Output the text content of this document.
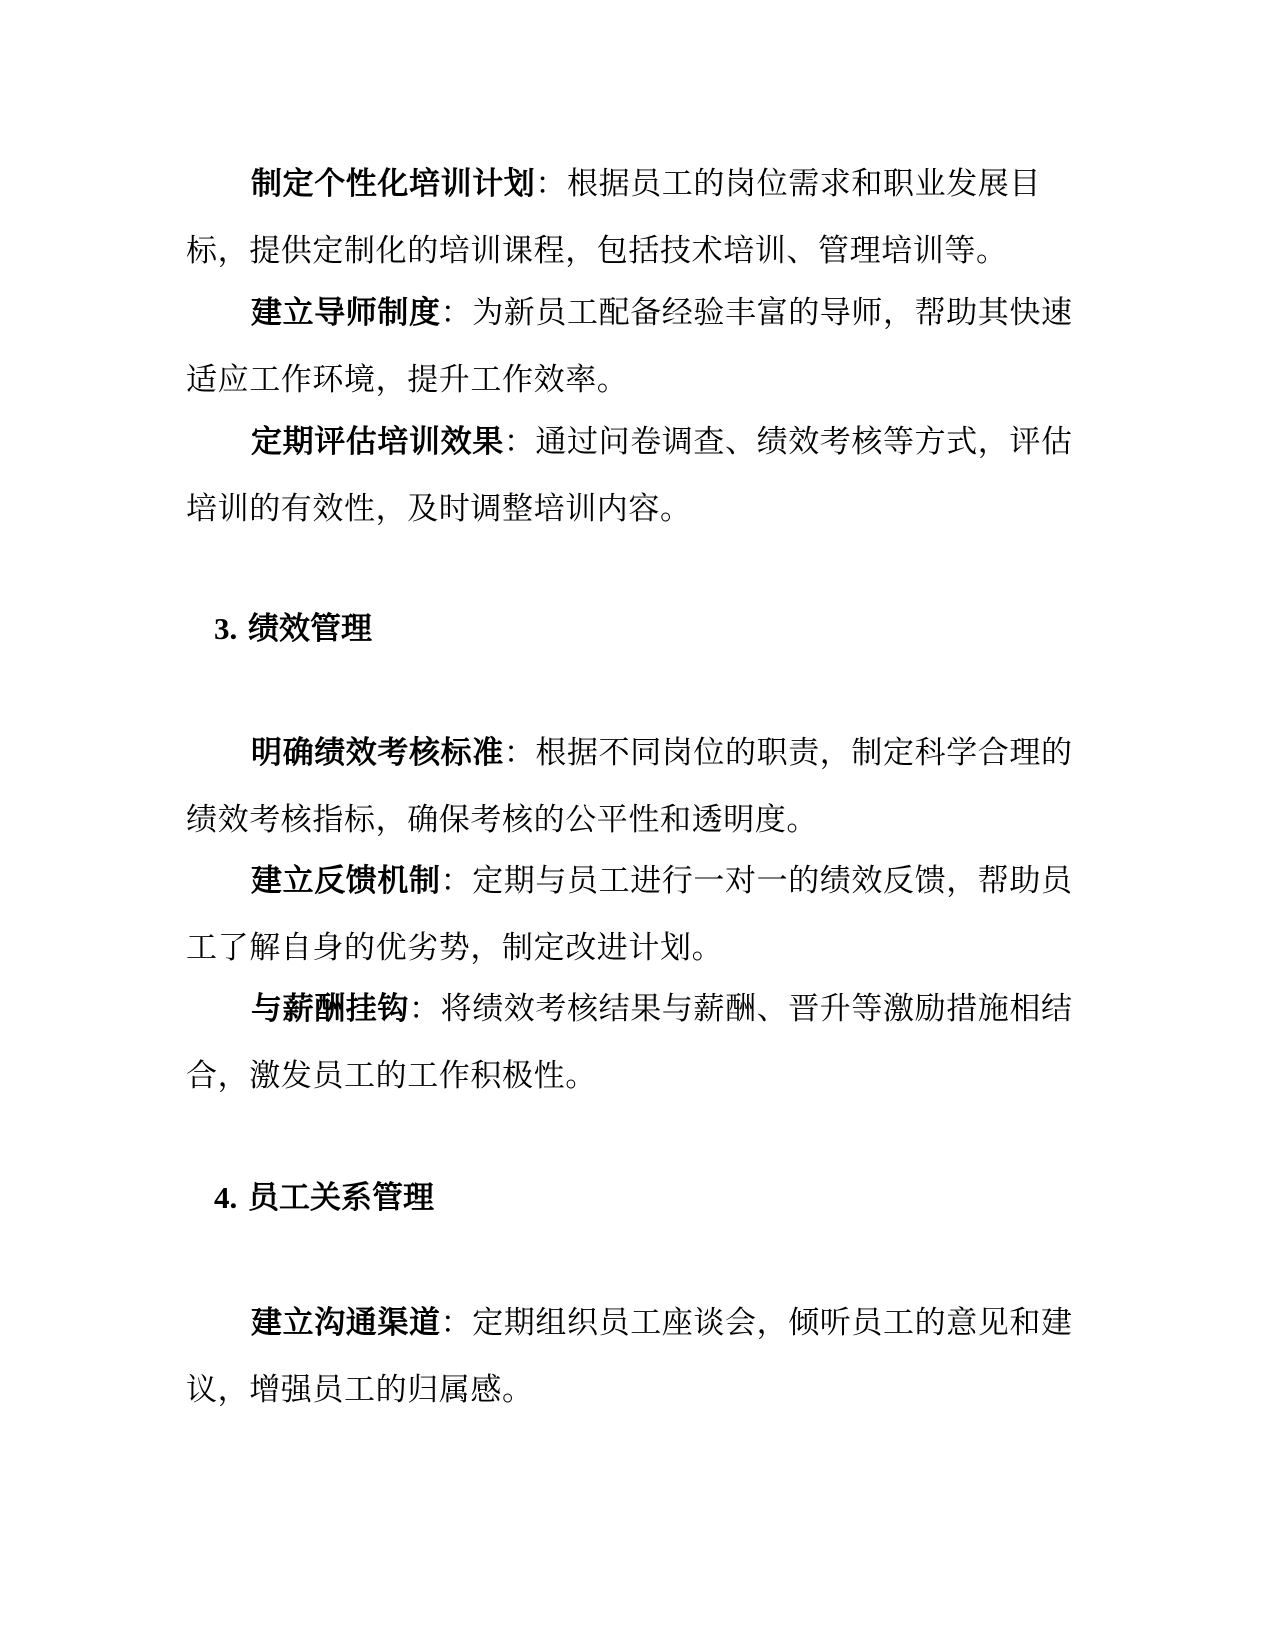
制定个性化培训计划：根据员工的岗位需求和职业发展目标，提供定制化的培训课程，包括技术培训、管理培训等。

建立导师制度：为新员工配备经验丰富的导师，帮助其快速适应工作环境，提升工作效率。

定期评估培训效果：通过问卷调查、绩效考核等方式，评估培训的有效性，及时调整培训内容。

3. 绩效管理

明确绩效考核标准：根据不同岗位的职责，制定科学合理的绩效考核指标，确保考核的公平性和透明度。

建立反馈机制：定期与员工进行一对一的绩效反馈，帮助员工了解自身的优劣势，制定改进计划。

与薪酬挂钩：将绩效考核结果与薪酬、晋升等激励措施相结合，激发员工的工作积极性。

4. 员工关系管理

建立沟通渠道：定期组织员工座谈会，倾听员工的意见和建议，增强员工的归属感。
